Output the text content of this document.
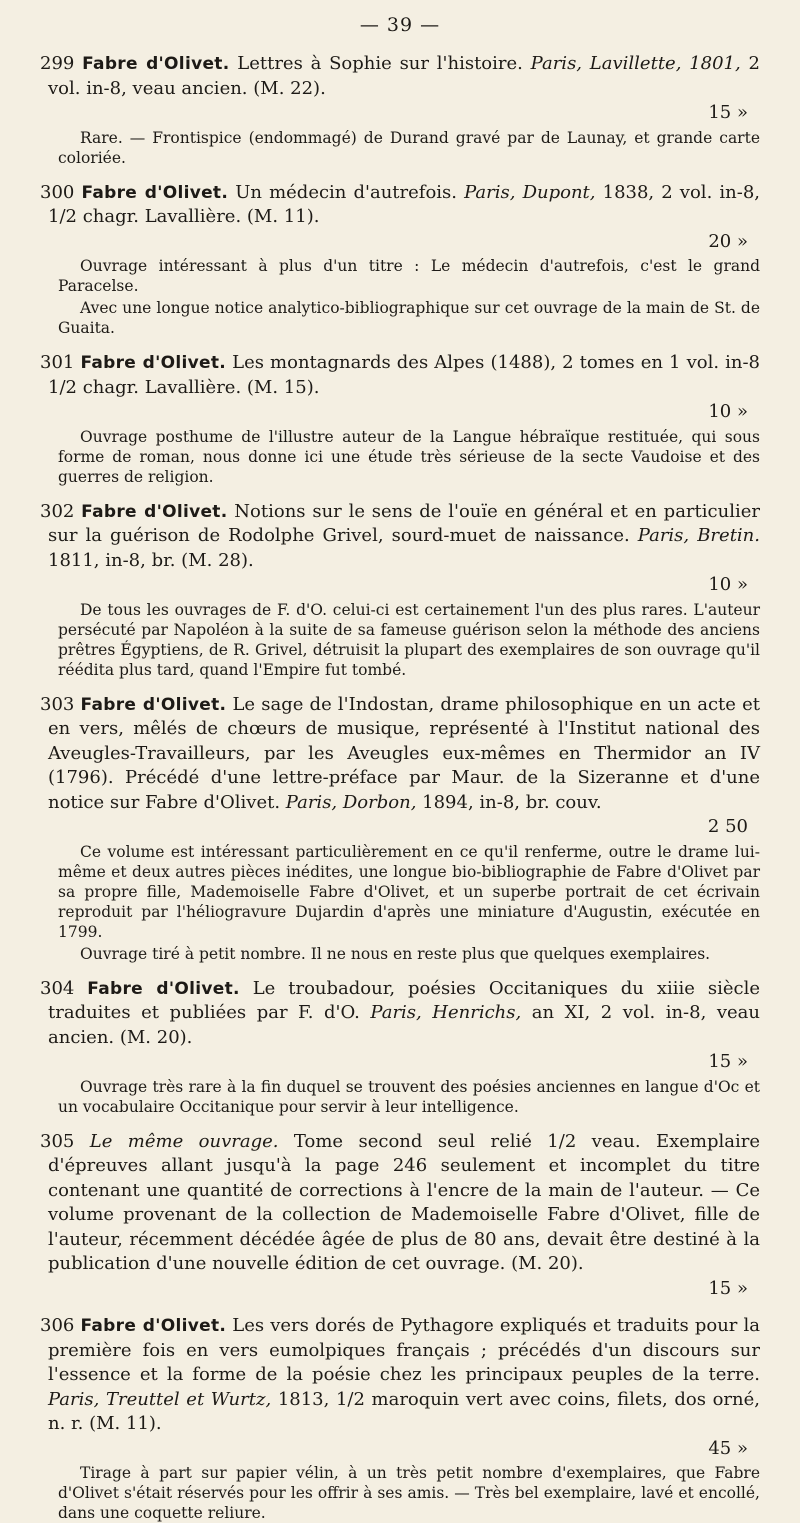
— 39 —
299 Fabre d'Olivet. Lettres à Sophie sur l'histoire. Paris, Lavillette, 1801, 2 vol. in-8, veau ancien. (M. 22).
15 »
Rare. — Frontispice (endommagé) de Durand gravé par de Launay, et grande carte coloriée.
300 Fabre d'Olivet. Un médecin d'autrefois. Paris, Dupont, 1838, 2 vol. in-8, 1/2 chagr. Lavallière. (M. 11).
20 »
Ouvrage intéressant à plus d'un titre : Le médecin d'autrefois, c'est le grand Paracelse.
Avec une longue notice analytico-bibliographique sur cet ouvrage de la main de St. de Guaita.
301 Fabre d'Olivet. Les montagnards des Alpes (1488), 2 tomes en 1 vol. in-8 1/2 chagr. Lavallière. (M. 15).
10 »
Ouvrage posthume de l'illustre auteur de la Langue hébraïque restituée, qui sous forme de roman, nous donne ici une étude très sérieuse de la secte Vaudoise et des guerres de religion.
302 Fabre d'Olivet. Notions sur le sens de l'ouïe en général et en particulier sur la guérison de Rodolphe Grivel, sourd-muet de naissance. Paris, Bretin. 1811, in-8, br. (M. 28).
10 »
De tous les ouvrages de F. d'O. celui-ci est certainement l'un des plus rares. L'auteur persécuté par Napoléon à la suite de sa fameuse guérison selon la méthode des anciens prêtres Égyptiens, de R. Grivel, détruisit la plupart des exemplaires de son ouvrage qu'il réédita plus tard, quand l'Empire fut tombé.
303 Fabre d'Olivet. Le sage de l'Indostan, drame philosophique en un acte et en vers, mêlés de chœurs de musique, représenté à l'Institut national des Aveugles-Travailleurs, par les Aveugles eux-mêmes en Thermidor an IV (1796). Précédé d'une lettre-préface par Maur. de la Sizeranne et d'une notice sur Fabre d'Olivet. Paris, Dorbon, 1894, in-8, br. couv.
2 50
Ce volume est intéressant particulièrement en ce qu'il renferme, outre le drame lui-même et deux autres pièces inédites, une longue bio-bibliographie de Fabre d'Olivet par sa propre fille, Mademoiselle Fabre d'Olivet, et un superbe portrait de cet écrivain reproduit par l'héliogravure Dujardin d'après une miniature d'Augustin, exécutée en 1799.
Ouvrage tiré à petit nombre. Il ne nous en reste plus que quelques exemplaires.
304 Fabre d'Olivet. Le troubadour, poésies Occitaniques du xiiie siècle traduites et publiées par F. d'O. Paris, Henrichs, an XI, 2 vol. in-8, veau ancien. (M. 20).
15 »
Ouvrage très rare à la fin duquel se trouvent des poésies anciennes en langue d'Oc et un vocabulaire Occitanique pour servir à leur intelligence.
305 Le même ouvrage. Tome second seul relié 1/2 veau. Exemplaire d'épreuves allant jusqu'à la page 246 seulement et incomplet du titre contenant une quantité de corrections à l'encre de la main de l'auteur. — Ce volume provenant de la collection de Mademoiselle Fabre d'Olivet, fille de l'auteur, récemment décédée âgée de plus de 80 ans, devait être destiné à la publication d'une nouvelle édition de cet ouvrage. (M. 20).
15 »
306 Fabre d'Olivet. Les vers dorés de Pythagore expliqués et traduits pour la première fois en vers eumolpiques français ; précédés d'un discours sur l'essence et la forme de la poésie chez les principaux peuples de la terre. Paris, Treuttel et Wurtz, 1813, 1/2 maroquin vert avec coins, filets, dos orné, n. r. (M. 11).
45 »
Tirage à part sur papier vélin, à un très petit nombre d'exemplaires, que Fabre d'Olivet s'était réservés pour les offrir à ses amis. — Très bel exemplaire, lavé et encollé, dans une coquette reliure.
